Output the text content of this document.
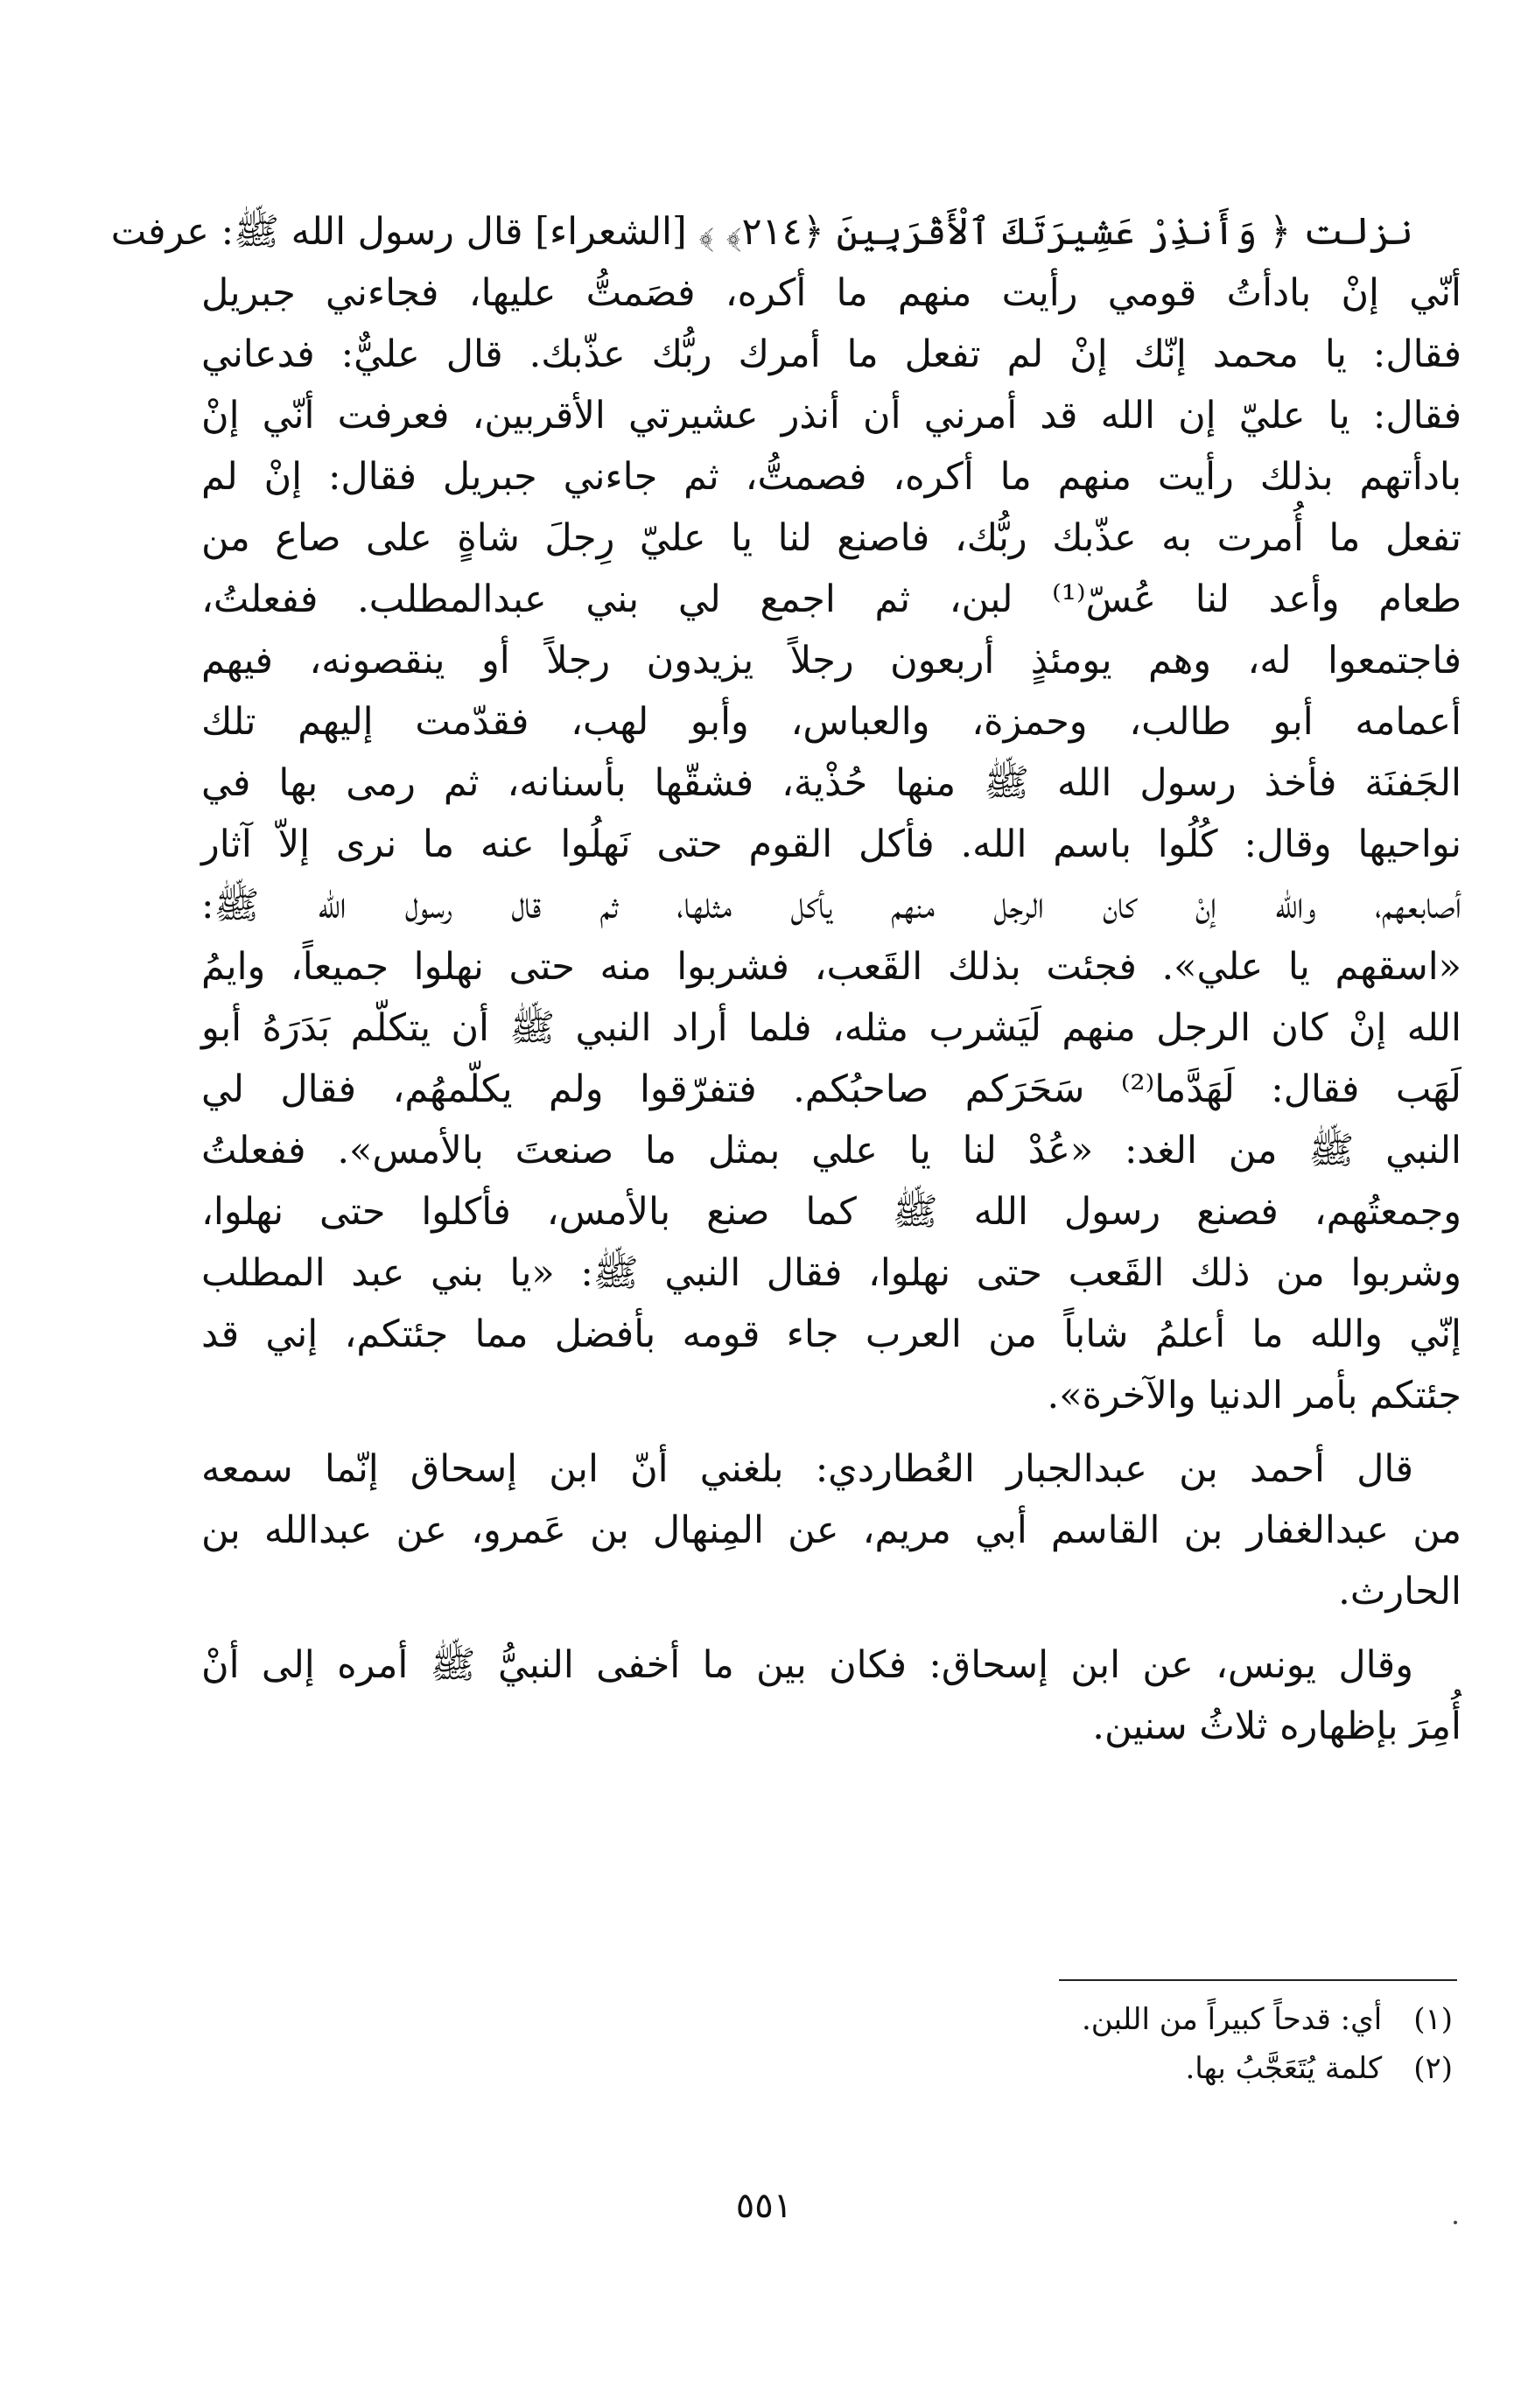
نزلت ﴿ وَأَنذِرْ عَشِيرَتَكَ ٱلْأَقْرَبِينَ ﴿٢١٤﴾ ﴾ [الشعراء] قال رسول الله ﷺ: عرفت
أنّي إنْ بادأتُ قومي رأيت منهم ما أكره، فصَمتُّ عليها، فجاءني جبريل
فقال: يا محمد إنّك إنْ لم تفعل ما أمرك ربُّك عذّبك. قال عليٌّ: فدعاني
فقال: يا عليّ إن الله قد أمرني أن أنذر عشيرتي الأقربين، فعرفت أنّي إنْ
بادأتهم بذلك رأيت منهم ما أكره، فصمتُّ، ثم جاءني جبريل فقال: إنْ لم
تفعل ما أُمرت به عذّبك ربُّك، فاصنع لنا يا عليّ رِجلَ شاةٍ على صاع من
طعام وأعد لنا عُسّ⁽¹⁾ لبن، ثم اجمع لي بني عبدالمطلب. ففعلتُ،
فاجتمعوا له، وهم يومئذٍ أربعون رجلاً يزيدون رجلاً أو ينقصونه، فيهم
أعمامه أبو طالب، وحمزة، والعباس، وأبو لهب، فقدّمت إليهم تلك
الجَفنَة فأخذ رسول الله ﷺ منها حُذْية، فشقّها بأسنانه، ثم رمى بها في
نواحيها وقال: كُلُوا باسم الله. فأكل القوم حتى نَهلُوا عنه ما نرى إلاّ آثار
أصابعهم، والله إنْ كان الرجل منهم يأكل مثلها، ثم قال رسول الله ﷺ:
«اسقهم يا علي». فجئت بذلك القَعب، فشربوا منه حتى نهلوا جميعاً، وايمُ
الله إنْ كان الرجل منهم لَيَشرب مثله، فلما أراد النبي ﷺ أن يتكلّم بَدَرَهُ أبو
لَهَب فقال: لَهَدَّما⁽²⁾ سَحَرَكم صاحبُكم. فتفرّقوا ولم يكلّمهُم، فقال لي
النبي ﷺ من الغد: «عُدْ لنا يا علي بمثل ما صنعتَ بالأمس». ففعلتُ
وجمعتُهم، فصنع رسول الله ﷺ كما صنع بالأمس، فأكلوا حتى نهلوا،
وشربوا من ذلك القَعب حتى نهلوا، فقال النبي ﷺ: «يا بني عبد المطلب
إنّي والله ما أعلمُ شاباً من العرب جاء قومه بأفضل مما جئتكم، إني قد
جئتكم بأمر الدنيا والآخرة».
قال أحمد بن عبدالجبار العُطاردي: بلغني أنّ ابن إسحاق إنّما سمعه
من عبدالغفار بن القاسم أبي مريم، عن المِنهال بن عَمرو، عن عبدالله بن
الحارث.
وقال يونس، عن ابن إسحاق: فكان بين ما أخفى النبيُّ ﷺ أمره إلى أنْ
أُمِرَ بإظهاره ثلاثُ سنين.
(١) أي: قدحاً كبيراً من اللبن.
(٢) كلمة يُتَعَجَّبُ بها.
٥٥١
